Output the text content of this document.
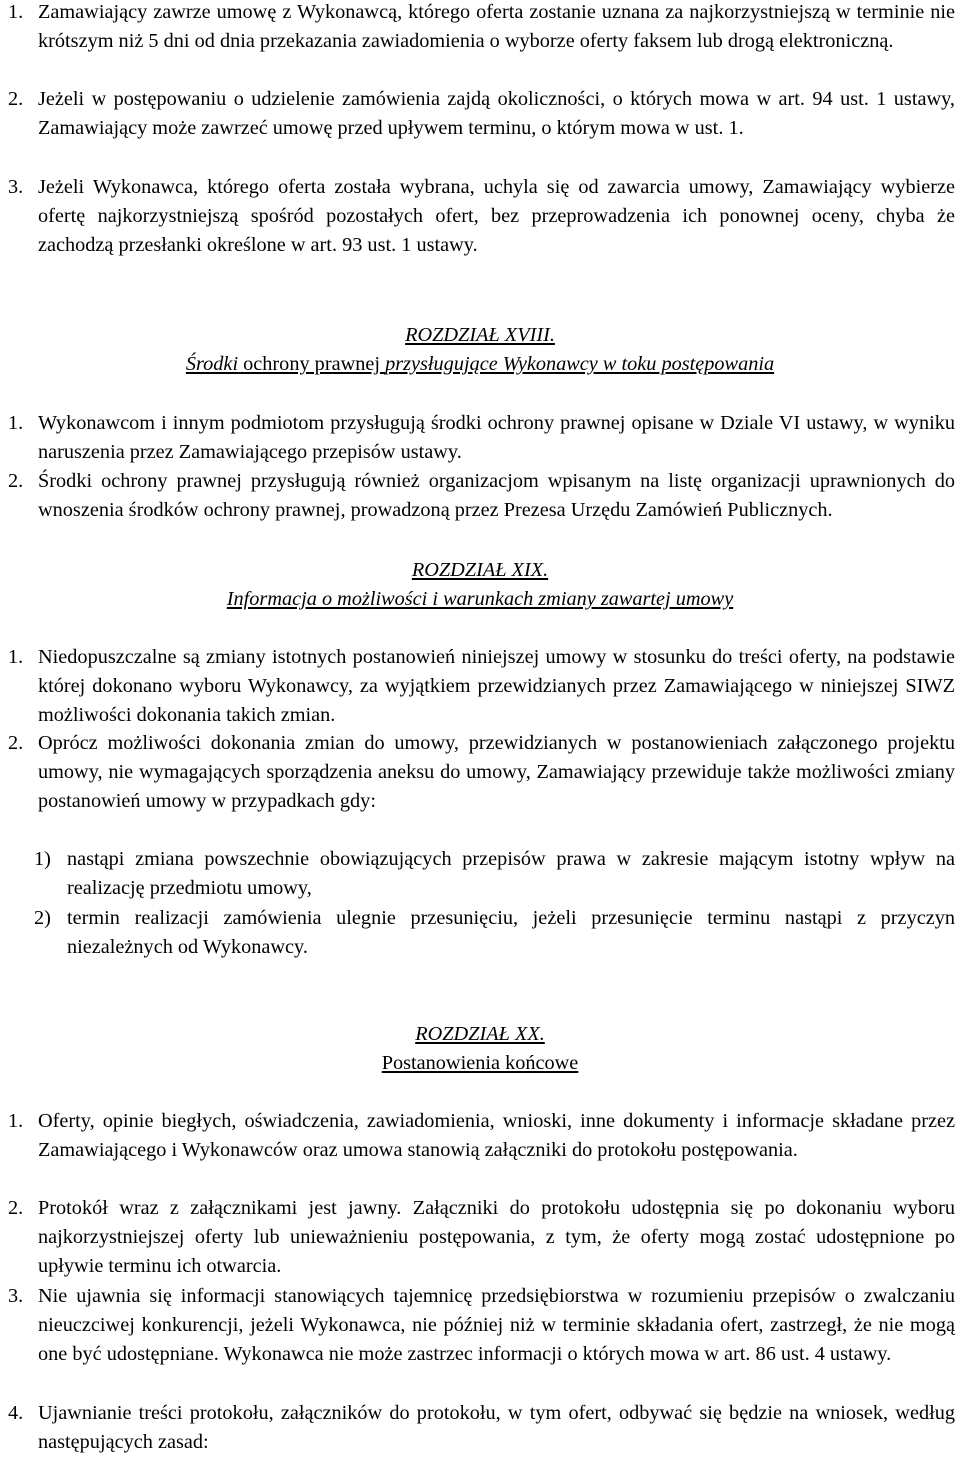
1. Zamawiający zawrze umowę z Wykonawcą, którego oferta zostanie uznana za najkorzystniejszą w terminie nie krótszym niż 5 dni od dnia przekazania zawiadomienia o wyborze oferty faksem lub drogą elektroniczną.
2. Jeżeli w postępowaniu o udzielenie zamówienia zajdą okoliczności, o których mowa w art. 94 ust. 1 ustawy, Zamawiający może zawrzeć umowę przed upływem terminu, o którym mowa w ust. 1.
3. Jeżeli Wykonawca, którego oferta została wybrana, uchyla się od zawarcia umowy, Zamawiający wybierze ofertę najkorzystniejszą spośród pozostałych ofert, bez przeprowadzenia ich ponownej oceny, chyba że zachodzą przesłanki określone w art. 93 ust. 1 ustawy.
ROZDZIAŁ XVIII.
Środki ochrony prawnej przysługujące Wykonawcy w toku postępowania
1. Wykonawcom i innym podmiotom przysługują środki ochrony prawnej opisane w Dziale VI ustawy, w wyniku naruszenia przez Zamawiającego przepisów ustawy.
2. Środki ochrony prawnej przysługują również organizacjom wpisanym na listę organizacji uprawnionych do wnoszenia środków ochrony prawnej, prowadzoną przez Prezesa Urzędu Zamówień Publicznych.
ROZDZIAŁ XIX.
Informacja o możliwości i warunkach zmiany zawartej umowy
1. Niedopuszczalne są zmiany istotnych postanowień niniejszej umowy w stosunku do treści oferty, na podstawie której dokonano wyboru Wykonawcy, za wyjątkiem przewidzianych przez Zamawiającego w niniejszej SIWZ możliwości dokonania takich zmian.
2. Oprócz możliwości dokonania zmian do umowy, przewidzianych w postanowieniach załączonego projektu umowy, nie wymagających sporządzenia aneksu do umowy, Zamawiający przewiduje także możliwości zmiany postanowień umowy w przypadkach gdy:
1) nastąpi zmiana powszechnie obowiązujących przepisów prawa w zakresie mającym istotny wpływ na realizację przedmiotu umowy,
2) termin realizacji zamówienia ulegnie przesunięciu, jeżeli przesunięcie terminu nastąpi z przyczyn niezależnych od Wykonawcy.
ROZDZIAŁ XX.
Postanowienia końcowe
1. Oferty, opinie biegłych, oświadczenia, zawiadomienia, wnioski, inne dokumenty i informacje składane przez Zamawiającego i Wykonawców oraz umowa stanowią załączniki do protokołu postępowania.
2. Protokół wraz z załącznikami jest jawny. Załączniki do protokołu udostępnia się po dokonaniu wyboru najkorzystniejszej oferty lub unieważnieniu postępowania, z tym, że oferty mogą zostać udostępnione po upływie terminu ich otwarcia.
3. Nie ujawnia się informacji stanowiących tajemnicę przedsiębiorstwa w rozumieniu przepisów o zwalczaniu nieuczciwej konkurencji, jeżeli Wykonawca, nie później niż w terminie składania ofert, zastrzegł, że nie mogą one być udostępniane. Wykonawca nie może zastrzec informacji o których mowa w art. 86 ust. 4 ustawy.
4. Ujawnianie treści protokołu, załączników do protokołu, w tym ofert, odbywać się będzie na wniosek, według następujących zasad:
